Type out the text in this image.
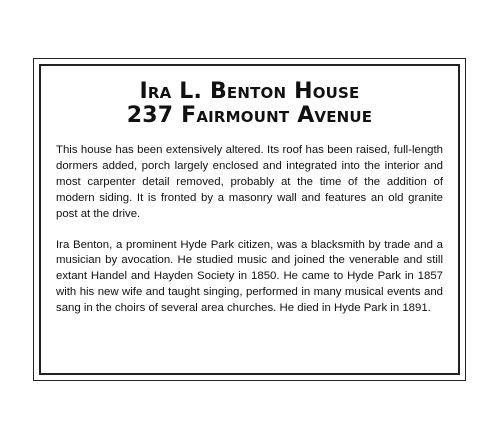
Ira L. Benton House
237 Fairmount Avenue

This house has been extensively altered. Its roof has been raised, full-length dormers added, porch largely enclosed and integrated into the interior and most carpenter detail removed, probably at the time of the addition of modern siding. It is fronted by a masonry wall and features an old granite post at the drive.

Ira Benton, a prominent Hyde Park citizen, was a blacksmith by trade and a musician by avocation. He studied music and joined the venerable and still extant Handel and Hayden Society in 1850. He came to Hyde Park in 1857 with his new wife and taught singing, performed in many musical events and sang in the choirs of several area churches. He died in Hyde Park in 1891.
